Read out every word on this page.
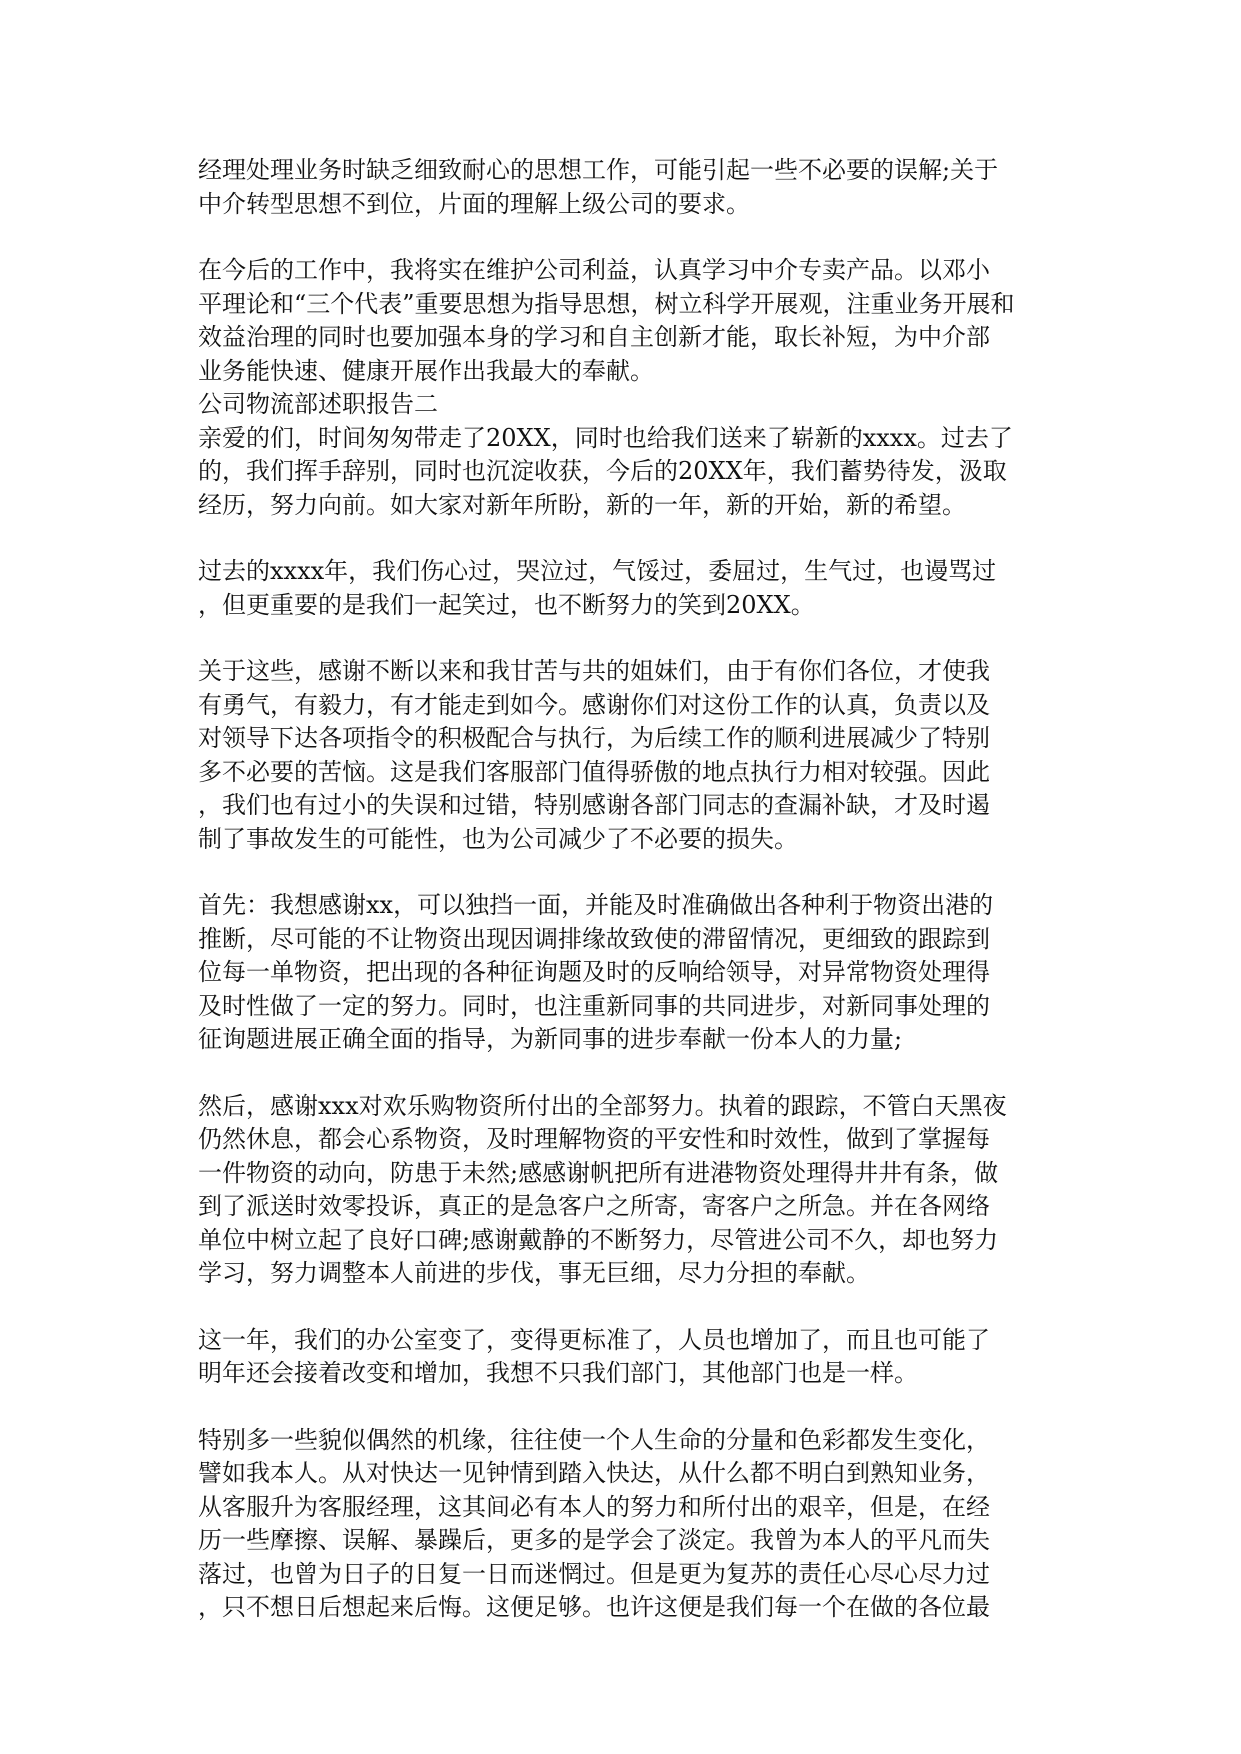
经理处理业务时缺乏细致耐心的思想工作，可能引起一些不必要的误解;关于
中介转型思想不到位，片面的理解上级公司的要求。
在今后的工作中，我将实在维护公司利益，认真学习中介专卖产品。以邓小
平理论和“三个代表”重要思想为指导思想，树立科学开展观，注重业务开展和
效益治理的同时也要加强本身的学习和自主创新才能，取长补短，为中介部
业务能快速、健康开展作出我最大的奉献。
公司物流部述职报告二
亲爱的们，时间匆匆带走了20XX，同时也给我们送来了崭新的xxxx。过去了
的，我们挥手辞别，同时也沉淀收获，今后的20XX年，我们蓄势待发，汲取
经历，努力向前。如大家对新年所盼，新的一年，新的开始，新的希望。
过去的xxxx年，我们伤心过，哭泣过，气馁过，委屈过，生气过，也谩骂过
，但更重要的是我们一起笑过，也不断努力的笑到20XX。
关于这些，感谢不断以来和我甘苦与共的姐妹们，由于有你们各位，才使我
有勇气，有毅力，有才能走到如今。感谢你们对这份工作的认真，负责以及
对领导下达各项指令的积极配合与执行，为后续工作的顺利进展减少了特别
多不必要的苦恼。这是我们客服部门值得骄傲的地点执行力相对较强。因此
，我们也有过小的失误和过错，特别感谢各部门同志的查漏补缺，才及时遏
制了事故发生的可能性，也为公司减少了不必要的损失。
首先：我想感谢xx，可以独挡一面，并能及时准确做出各种利于物资出港的
推断，尽可能的不让物资出现因调排缘故致使的滞留情况，更细致的跟踪到
位每一单物资，把出现的各种征询题及时的反响给领导，对异常物资处理得
及时性做了一定的努力。同时，也注重新同事的共同进步，对新同事处理的
征询题进展正确全面的指导，为新同事的进步奉献一份本人的力量;
然后，感谢xxx对欢乐购物资所付出的全部努力。执着的跟踪，不管白天黑夜
仍然休息，都会心系物资，及时理解物资的平安性和时效性，做到了掌握每
一件物资的动向，防患于未然;感感谢帆把所有进港物资处理得井井有条，做
到了派送时效零投诉，真正的是急客户之所寄，寄客户之所急。并在各网络
单位中树立起了良好口碑;感谢戴静的不断努力，尽管进公司不久，却也努力
学习，努力调整本人前进的步伐，事无巨细，尽力分担的奉献。
这一年，我们的办公室变了，变得更标准了，人员也增加了，而且也可能了
明年还会接着改变和增加，我想不只我们部门，其他部门也是一样。
特别多一些貌似偶然的机缘，往往使一个人生命的分量和色彩都发生变化，
譬如我本人。从对快达一见钟情到踏入快达，从什么都不明白到熟知业务，
从客服升为客服经理，这其间必有本人的努力和所付出的艰辛，但是，在经
历一些摩擦、误解、暴躁后，更多的是学会了淡定。我曾为本人的平凡而失
落过，也曾为日子的日复一日而迷惘过。但是更为复苏的责任心尽心尽力过
，只不想日后想起来后悔。这便足够。也许这便是我们每一个在做的各位最
